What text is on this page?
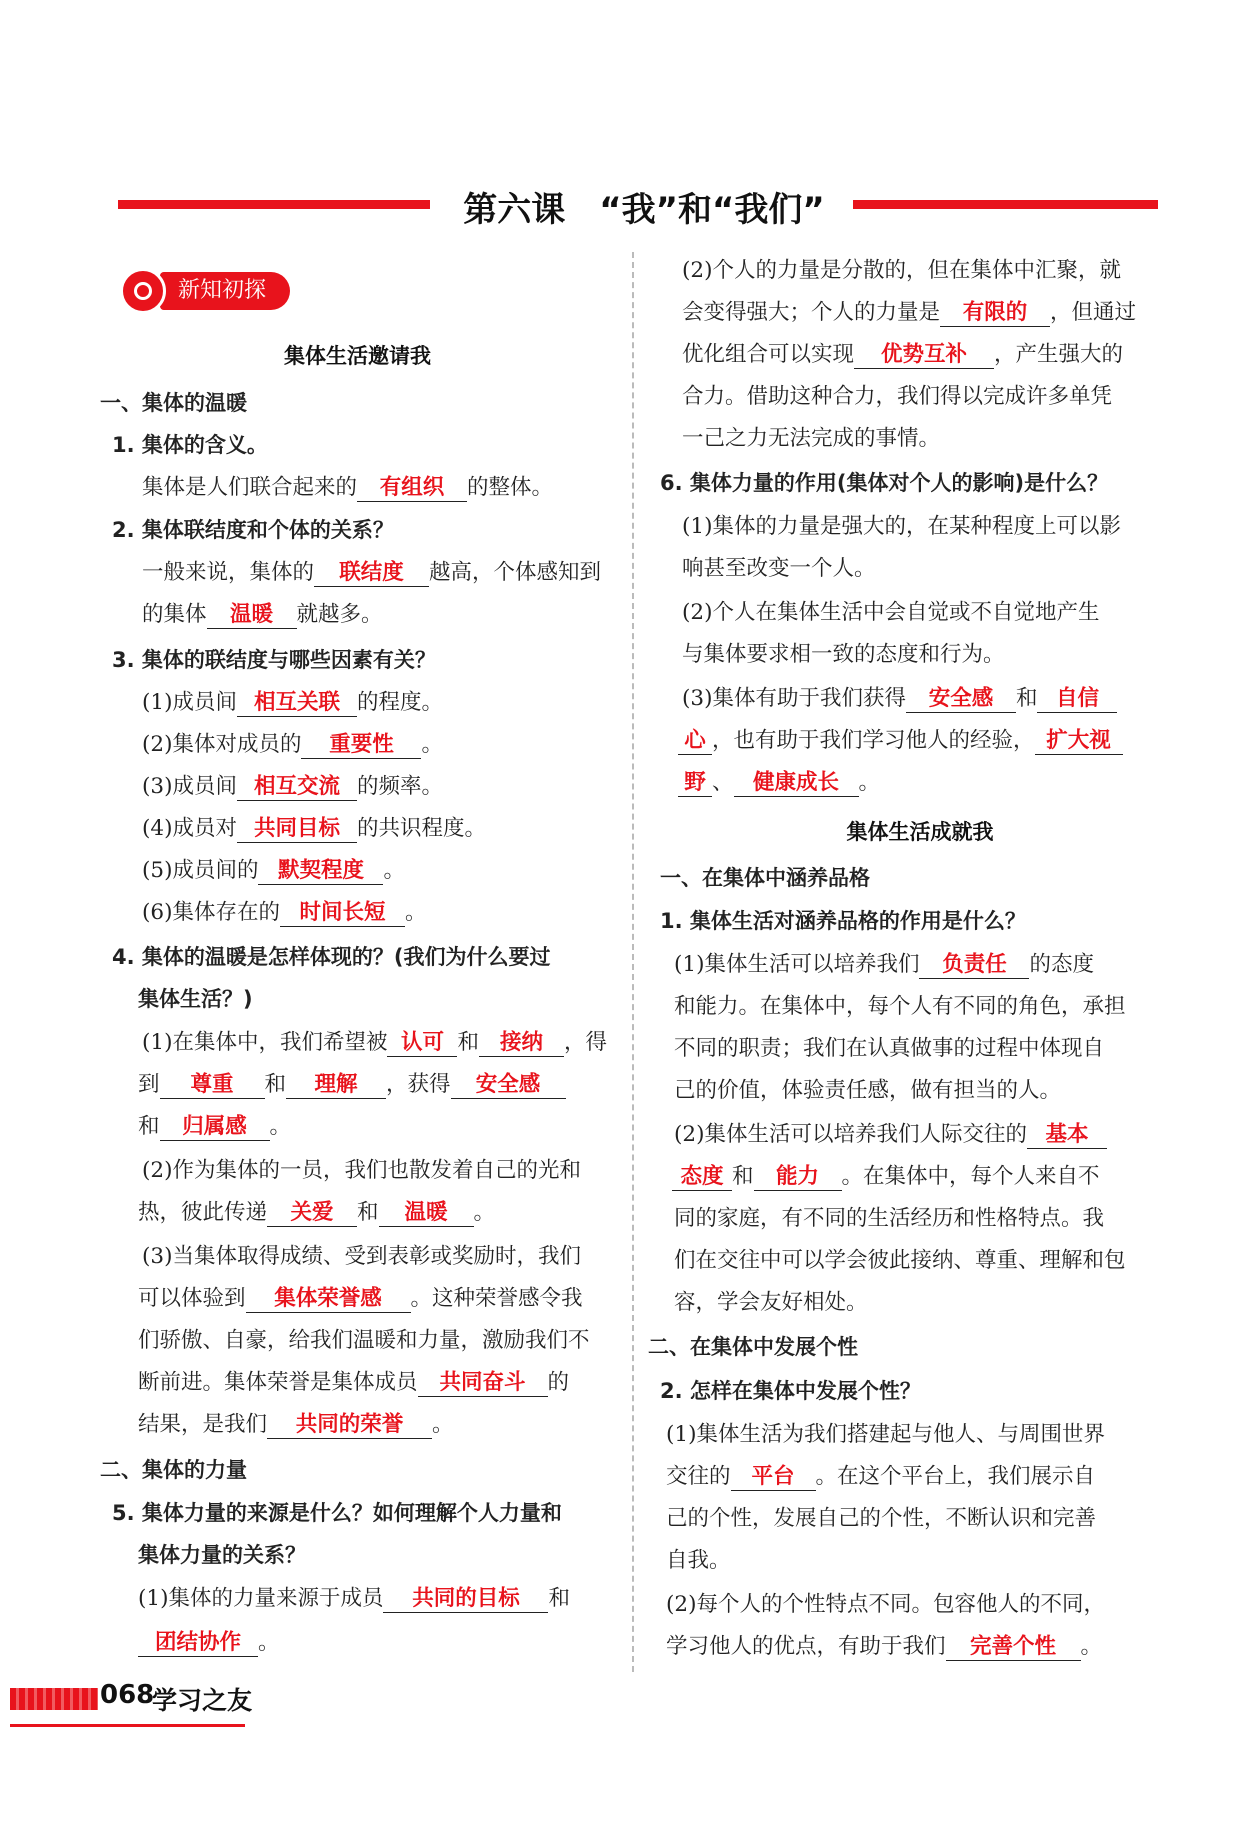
第六课　“我”和“我们”
新知初探
集体生活邀请我
一、集体的温暖
1. 集体的含义。
集体是人们联合起来的 有组织 的整体。
2. 集体联结度和个体的关系？
一般来说，集体的 联结度 越高，个体感知到
的集体 温暖 就越多。
3. 集体的联结度与哪些因素有关？
(1)成员间 相互关联 的程度。
(2)集体对成员的 重要性 。
(3)成员间 相互交流 的频率。
(4)成员对 共同目标 的共识程度。
(5)成员间的 默契程度 。
(6)集体存在的 时间长短 。
4. 集体的温暖是怎样体现的？(我们为什么要过
集体生活？)
(1)在集体中，我们希望被 认可 和 接纳 ，得
到 尊重 和 理解 ，获得 安全感
和 归属感 。
(2)作为集体的一员，我们也散发着自己的光和
热，彼此传递 关爱 和 温暖 。
(3)当集体取得成绩、受到表彰或奖励时，我们
可以体验到 集体荣誉感 。这种荣誉感令我
们骄傲、自豪，给我们温暖和力量，激励我们不
断前进。集体荣誉是集体成员 共同奋斗 的
结果，是我们 共同的荣誉 。
二、集体的力量
5. 集体力量的来源是什么？如何理解个人力量和
集体力量的关系？
(1)集体的力量来源于成员 共同的目标 和
团结协作 。
(2)个人的力量是分散的，但在集体中汇聚，就
会变得强大；个人的力量是 有限的 ，但通过
优化组合可以实现 优势互补 ，产生强大的
合力。借助这种合力，我们得以完成许多单凭
一己之力无法完成的事情。
6. 集体力量的作用(集体对个人的影响)是什么？
(1)集体的力量是强大的，在某种程度上可以影
响甚至改变一个人。
(2)个人在集体生活中会自觉或不自觉地产生
与集体要求相一致的态度和行为。
(3)集体有助于我们获得 安全感 和 自信
心 ，也有助于我们学习他人的经验， 扩大视
野 、 健康成长 。
集体生活成就我
一、在集体中涵养品格
1. 集体生活对涵养品格的作用是什么？
(1)集体生活可以培养我们 负责任 的态度
和能力。在集体中，每个人有不同的角色，承担
不同的职责；我们在认真做事的过程中体现自
己的价值，体验责任感，做有担当的人。
(2)集体生活可以培养我们人际交往的 基本
态度 和 能力 。在集体中，每个人来自不
同的家庭，有不同的生活经历和性格特点。我
们在交往中可以学会彼此接纳、尊重、理解和包
容，学会友好相处。
二、在集体中发展个性
2. 怎样在集体中发展个性？
(1)集体生活为我们搭建起与他人、与周围世界
交往的 平台 。在这个平台上，我们展示自
己的个性，发展自己的个性，不断认识和完善
自我。
(2)每个人的个性特点不同。包容他人的不同，
学习他人的优点，有助于我们 完善个性 。
068
学习之友
